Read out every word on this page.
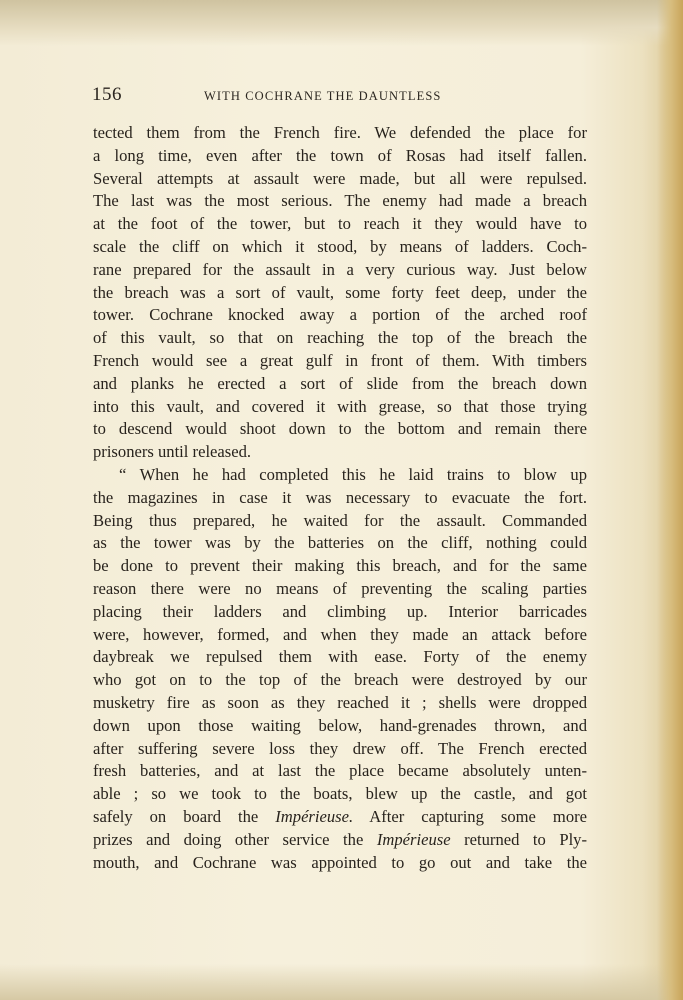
156	WITH COCHRANE THE DAUNTLESS
tected them from the French fire. We defended the place for
a long time, even after the town of Rosas had itself fallen.
Several attempts at assault were made, but all were repulsed.
The last was the most serious. The enemy had made a breach
at the foot of the tower, but to reach it they would have to
scale the cliff on which it stood, by means of ladders. Coch-
rane prepared for the assault in a very curious way. Just below
the breach was a sort of vault, some forty feet deep, under the
tower. Cochrane knocked away a portion of the arched roof
of this vault, so that on reaching the top of the breach the
French would see a great gulf in front of them. With timbers
and planks he erected a sort of slide from the breach down
into this vault, and covered it with grease, so that those trying
to descend would shoot down to the bottom and remain there
prisoners until released.
“ When he had completed this he laid trains to blow up
the magazines in case it was necessary to evacuate the fort.
Being thus prepared, he waited for the assault. Commanded
as the tower was by the batteries on the cliff, nothing could
be done to prevent their making this breach, and for the same
reason there were no means of preventing the scaling parties
placing their ladders and climbing up. Interior barricades
were, however, formed, and when they made an attack before
daybreak we repulsed them with ease. Forty of the enemy
who got on to the top of the breach were destroyed by our
musketry fire as soon as they reached it ; shells were dropped
down upon those waiting below, hand-grenades thrown, and
after suffering severe loss they drew off. The French erected
fresh batteries, and at last the place became absolutely unten-
able ; so we took to the boats, blew up the castle, and got
safely on board the Impérieuse. After capturing some more
prizes and doing other service the Impérieuse returned to Ply-
mouth, and Cochrane was appointed to go out and take the
